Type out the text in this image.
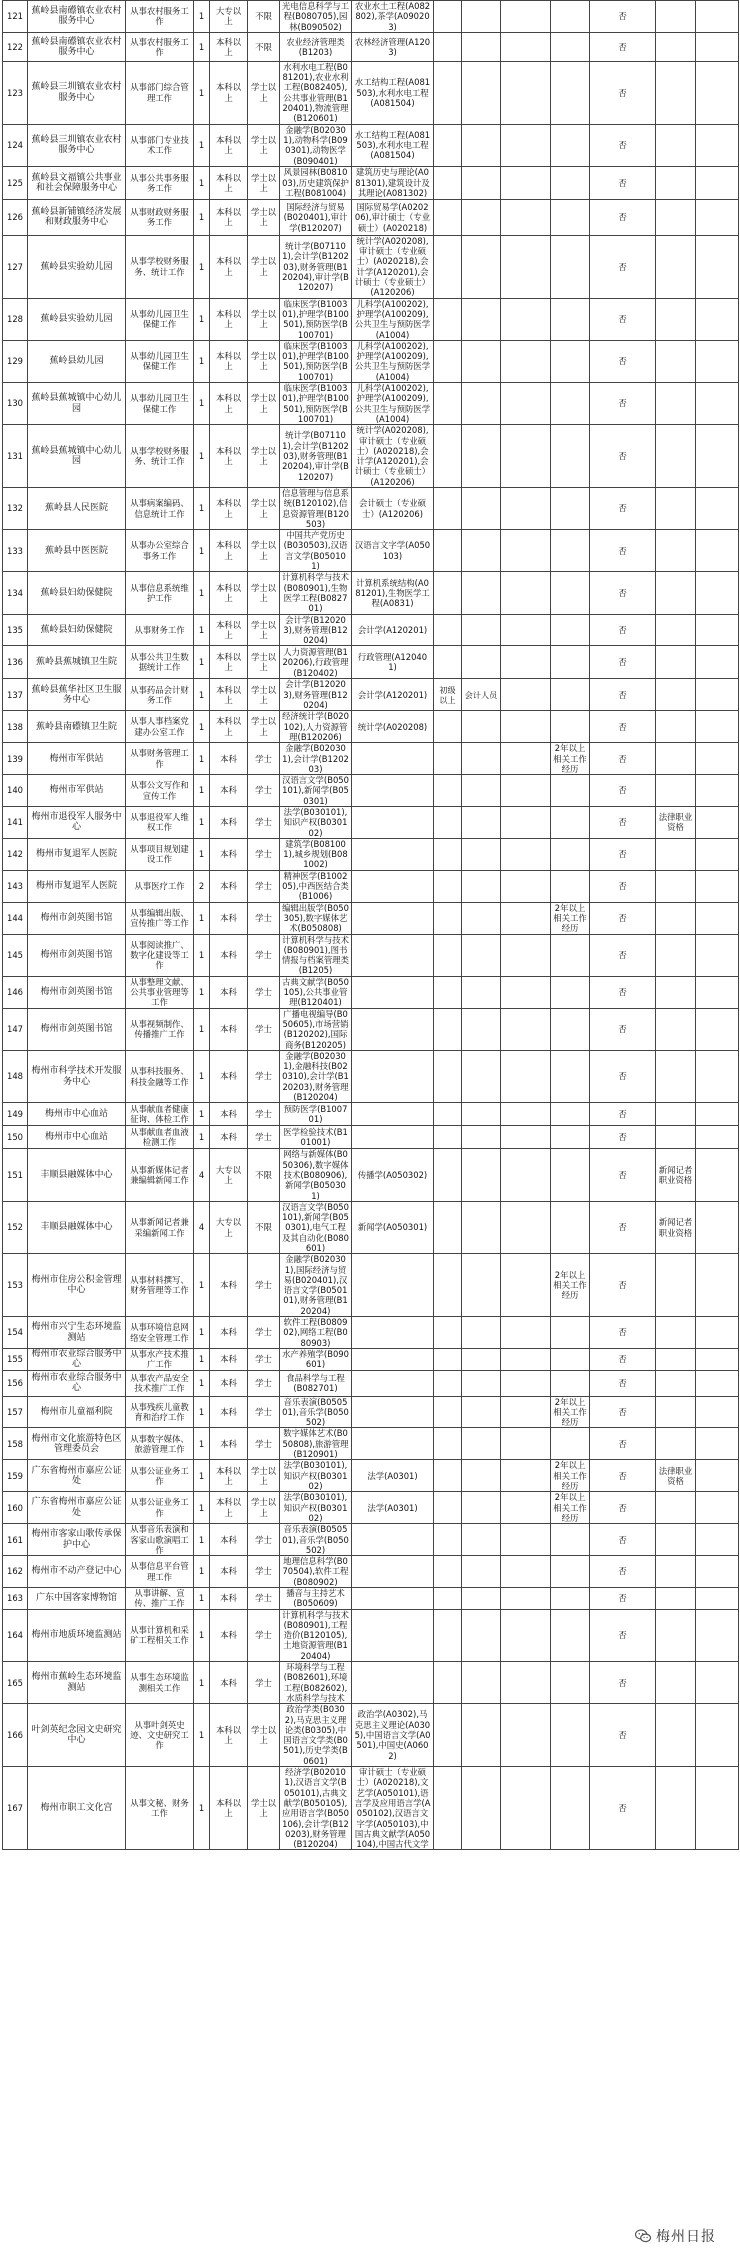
121	蕉岭县南礤镇农业农村服务中心	从事农村服务工作	1	大专以上	不限	光电信息科学与工程(B080705),园林(B090502)	农业水土工程(A082802),茶学(A090203)					否		
122	蕉岭县南礤镇农业农村服务中心	从事农村服务工作	1	本科以上	不限	农业经济管理类(B1203)	农林经济管理(A1203)					否		
123	蕉岭县三圳镇农业农村服务中心	从事部门综合管理工作	1	本科以上	学士以上	水利水电工程(B081201),农业水利工程(B082405),公共事业管理(B120401),物流管理(B120601)	水工结构工程(A081503),水利水电工程(A081504)					否		
124	蕉岭县三圳镇农业农村服务中心	从事部门专业技术工作	1	本科以上	学士以上	金融学(B020301),动物科学(B090301),动物医学(B090401)	水工结构工程(A081503),水利水电工程(A081504)					否		
125	蕉岭县文福镇公共事业和社会保障服务中心	从事公共事务服务工作	1	本科以上	学士以上	风景园林(B081003),历史建筑保护工程(B081004)	建筑历史与理论(A081301),建筑设计及其理论(A081302)					否		
126	蕉岭县新铺镇经济发展和财政服务中心	从事财政财务服务工作	1	本科以上	学士以上	国际经济与贸易(B020401),审计学(B120207)	国际贸易学(A020206),审计硕士（专业硕士）(A020218)					否		
127	蕉岭县实验幼儿园	从事学校财务服务、统计工作	1	本科以上	学士以上	统计学(B071101),会计学(B120203),财务管理(B120204),审计学(B120207)	统计学(A020208),审计硕士（专业硕士）(A020218),会计学(A120201),会计硕士（专业硕士）(A120206)					否		
128	蕉岭县实验幼儿园	从事幼儿园卫生保健工作	1	本科以上	学士以上	临床医学(B100301),护理学(B100501),预防医学(B100701)	儿科学(A100202),护理学(A100209),公共卫生与预防医学(A1004)					否		
129	蕉岭县幼儿园	从事幼儿园卫生保健工作	1	本科以上	学士以上	临床医学(B100301),护理学(B100501),预防医学(B100701)	儿科学(A100202),护理学(A100209),公共卫生与预防医学(A1004)					否		
130	蕉岭县蕉城镇中心幼儿园	从事幼儿园卫生保健工作	1	本科以上	学士以上	临床医学(B100301),护理学(B100501),预防医学(B100701)	儿科学(A100202),护理学(A100209),公共卫生与预防医学(A1004)					否		
131	蕉岭县蕉城镇中心幼儿园	从事学校财务服务、统计工作	1	本科以上	学士以上	统计学(B071101),会计学(B120203),财务管理(B120204),审计学(B120207)	统计学(A020208),审计硕士（专业硕士）(A020218),会计学(A120201),会计硕士（专业硕士）(A120206)					否		
132	蕉岭县人民医院	从事病案编码、信息统计工作	1	本科以上	学士以上	信息管理与信息系统(B120102),信息资源管理(B120503)	会计硕士（专业硕士）(A120206)					否		
133	蕉岭县中医医院	从事办公室综合事务工作	1	本科以上	学士以上	中国共产党历史(B030503),汉语言文学(B050101)	汉语言文字学(A050103)					否		
134	蕉岭县妇幼保健院	从事信息系统维护工作	1	本科以上	学士以上	计算机科学与技术(B080901),生物医学工程(B082701)	计算机系统结构(A081201),生物医学工程(A0831)					否		
135	蕉岭县妇幼保健院	从事财务工作	1	本科以上	学士以上	会计学(B120203),财务管理(B120204)	会计学(A120201)					否		
136	蕉岭县蕉城镇卫生院	从事公共卫生数据统计工作	1	本科以上	学士以上	人力资源管理(B120206),行政管理(B120402)	行政管理(A120401)					否		
137	蕉岭县蕉华社区卫生服务中心	从事药品会计财务工作	1	本科以上	学士以上	会计学(B120203),财务管理(B120204)	会计学(A120201)	初级以上	会计人员			否		
138	蕉岭县南礤镇卫生院	从事人事档案党建办公室工作	1	本科以上	学士以上	经济统计学(B020102),人力资源管理(B120206)	统计学(A020208)					否		
139	梅州市军供站	从事财务管理工作	1	本科	学士	金融学(B020301),会计学(B120203)					2年以上相关工作经历	否		
140	梅州市军供站	从事公文写作和宣传工作	1	本科	学士	汉语言文学(B050101),新闻学(B050301)						否		
141	梅州市退役军人服务中心	从事退役军人维权工作	1	本科	学士	法学(B030101),知识产权(B030102)						否	法律职业资格	
142	梅州市复退军人医院	从事项目规划建设工作	1	本科	学士	建筑学(B081001),城乡规划(B081002)						否		
143	梅州市复退军人医院	从事医疗工作	2	本科	学士	精神医学(B100205),中西医结合类(B1006)						否		
144	梅州市剑英图书馆	从事编辑出版、宣传推广等工作	1	本科	学士	编辑出版学(B050305),数字媒体艺术(B050808)					2年以上相关工作经历	否		
145	梅州市剑英图书馆	从事阅读推广、数字化建设等工作	1	本科	学士	计算机科学与技术(B080901),图书情报与档案管理类(B1205)						否		
146	梅州市剑英图书馆	从事整理文献、公共事业管理等工作	1	本科	学士	古典文献学(B050105),公共事业管理(B120401)						否		
147	梅州市剑英图书馆	从事视频制作、传播推广工作	1	本科	学士	广播电视编导(B050605),市场营销(B120202),国际商务(B120205)						否		
148	梅州市科学技术开发服务中心	从事科技服务、科技金融等工作	1	本科	学士	金融学(B020301),金融科技(B020310),会计学(B120203),财务管理(B120204)						否		
149	梅州市中心血站	从事献血者健康征询、体检工作	1	本科	学士	预防医学(B100701)						否		
150	梅州市中心血站	从事献血者血液检测工作	1	本科	学士	医学检验技术(B101001)						否		
151	丰顺县融媒体中心	从事新媒体记者兼编辑新闻工作	4	大专以上	不限	网络与新媒体(B050306),数字媒体技术(B080906),新闻学(B050301)	传播学(A050302)					否	新闻记者职业资格	
152	丰顺县融媒体中心	从事新闻记者兼采编新闻工作	4	大专以上	不限	汉语言文学(B050101),新闻学(B050301),电气工程及其自动化(B080601)	新闻学(A050301)					否	新闻记者职业资格	
153	梅州市住房公积金管理中心	从事材料撰写、财务管理等工作	1	本科	学士	金融学(B020301),国际经济与贸易(B020401),汉语言文学(B050101),财务管理(B120204)					2年以上相关工作经历	否		
154	梅州市兴宁生态环境监测站	从事环境信息网络安全管理工作	1	本科	学士	软件工程(B080902),网络工程(B080903)						否		
155	梅州市农业综合服务中心	从事水产技术推广工作	1	本科	学士	水产养殖学(B090601)						否		
156	梅州市农业综合服务中心	从事农产品安全技术推广工作	1	本科	学士	食品科学与工程(B082701)						否		
157	梅州市儿童福利院	从事残疾儿童教育和治疗工作	1	本科	学士	音乐表演(B050501),音乐学(B050502)					2年以上相关工作经历	否		
158	梅州市文化旅游特色区管理委员会	从事数字媒体、旅游管理工作	1	本科	学士	数字媒体艺术(B050808),旅游管理(B120901)						否		
159	广东省梅州市嘉应公证处	从事公证业务工作	1	本科以上	学士以上	法学(B030101),知识产权(B030102)	法学(A0301)				2年以上相关工作经历	否	法律职业资格	
160	广东省梅州市嘉应公证处	从事公证业务工作	1	本科以上	学士以上	法学(B030101),知识产权(B030102)	法学(A0301)				2年以上相关工作经历	否		
161	梅州市客家山歌传承保护中心	从事音乐表演和客家山歌演唱工作	1	本科	学士	音乐表演(B050501),音乐学(B050502)						否		
162	梅州市不动产登记中心	从事信息平台管理工作	1	本科	学士	地理信息科学(B070504),软件工程(B080902)						否		
163	广东中国客家博物馆	从事讲解、宣传、推广工作	1	本科	学士	播音与主持艺术(B050609)						否		
164	梅州市地质环境监测站	从事计算机和采矿工程相关工作	1	本科	学士	计算机科学与技术(B080901),工程造价(B120105),土地资源管理(B120404)						否		
165	梅州市蕉岭生态环境监测站	从事生态环境监测相关工作	1	本科	学士	环境科学与工程(B082601),环境工程(B082602),水质科学与技术						否		
166	叶剑英纪念园文史研究中心	从事叶剑英史迹、文史研究工作	1	本科以上	学士以上	政治学类(B0302),马克思主义理论类(B0305),中国语言文学类(B0501),历史学类(B0601)	政治学(A0302),马克思主义理论(A0305),中国语言文学(A0501),中国史(A0602)					否		
167	梅州市职工文化宫	从事文秘、财务工作	1	本科以上	学士以上	经济学(B020101),汉语言文学(B050101),古典文献学(B050105),应用语言学(B050106),会计学(B120203),财务管理(B120204)	审计硕士（专业硕士）(A020218),文艺学(A050101),语言学及应用语言学(A050102),汉语言文字学(A050103),中国古典文献学(A050104),中国古代文学					否		
梅州日报
